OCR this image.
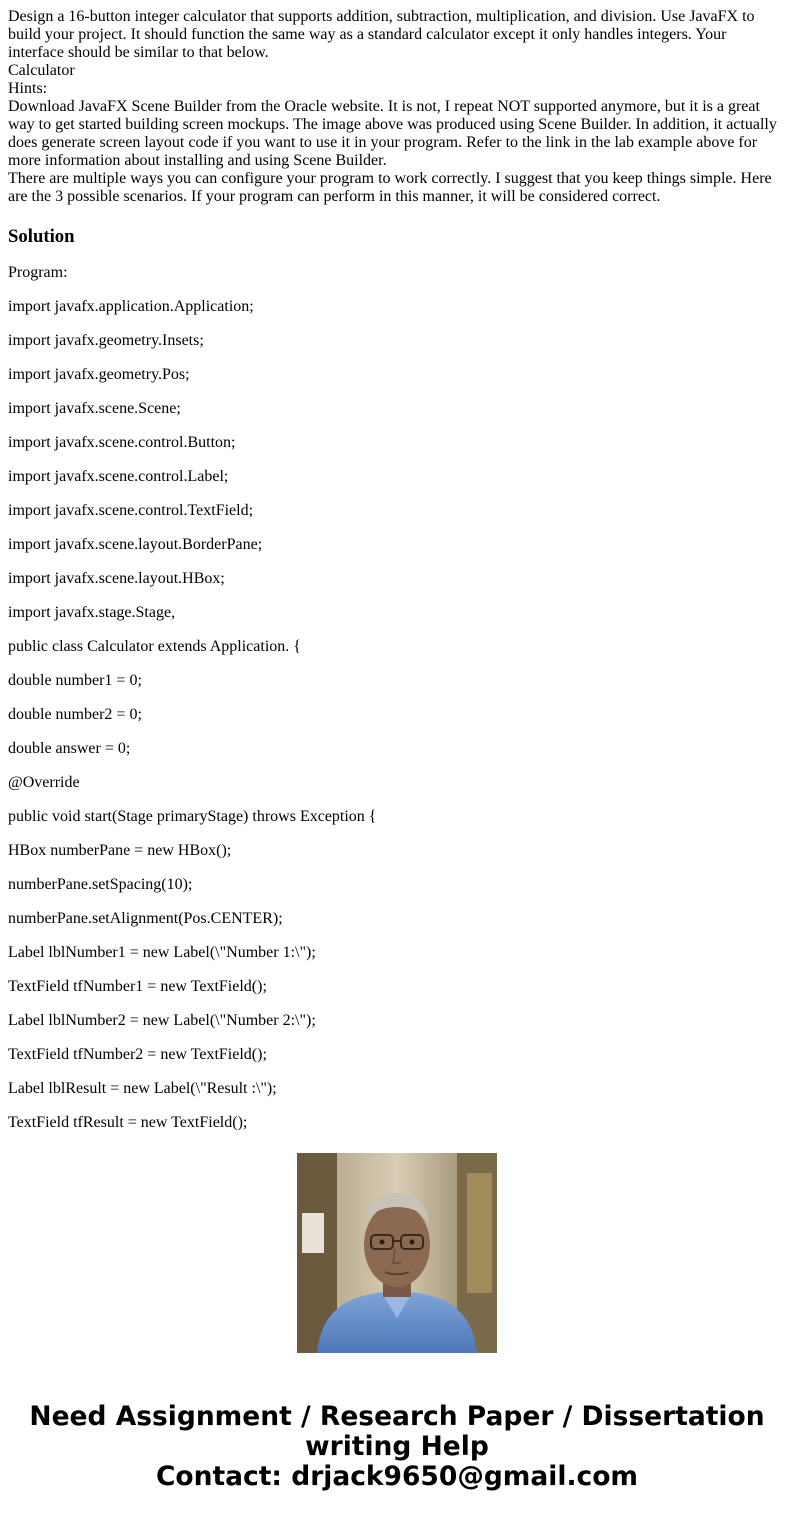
Design a 16-button integer calculator that supports addition, subtraction, multiplication, and division. Use JavaFX to build your project. It should function the same way as a standard calculator except it only handles integers. Your interface should be similar to that below.
Calculator
Hints:
Download JavaFX Scene Builder from the Oracle website. It is not, I repeat NOT supported anymore, but it is a great way to get started building screen mockups. The image above was produced using Scene Builder. In addition, it actually does generate screen layout code if you want to use it in your program. Refer to the link in the lab example above for more information about installing and using Scene Builder.
There are multiple ways you can configure your program to work correctly. I suggest that you keep things simple. Here are the 3 possible scenarios. If your program can perform in this manner, it will be considered correct.
Solution

Program:

import javafx.application.Application;

import javafx.geometry.Insets;

import javafx.geometry.Pos;

import javafx.scene.Scene;

import javafx.scene.control.Button;

import javafx.scene.control.Label;

import javafx.scene.control.TextField;

import javafx.scene.layout.BorderPane;

import javafx.scene.layout.HBox;

import javafx.stage.Stage,

public class Calculator extends Application. {

double number1 = 0;

double number2 = 0;

double answer = 0;

@Override

public void start(Stage primaryStage) throws Exception {

HBox numberPane = new HBox();

numberPane.setSpacing(10);

numberPane.setAlignment(Pos.CENTER);

Label lblNumber1 = new Label(\"Number 1:\");

TextField tfNumber1 = new TextField();

Label lblNumber2 = new Label(\"Number 2:\");

TextField tfNumber2 = new TextField();

Label lblResult = new Label(\"Result :\");

TextField tfResult = new TextField();

Need Assignment / Research Paper / Dissertation
writing Help
Contact: drjack9650@gmail.com
